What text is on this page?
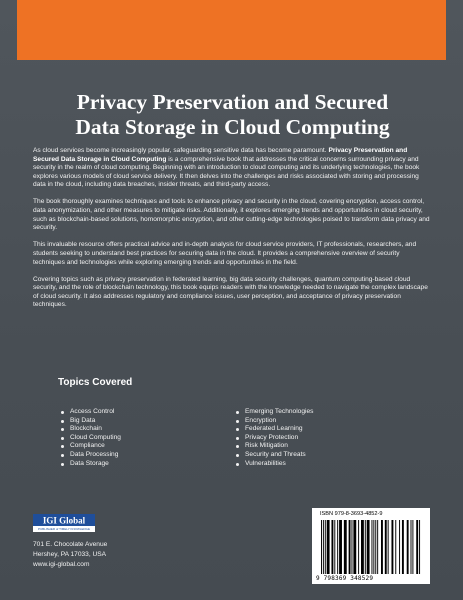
Privacy Preservation and Secured
Data Storage in Cloud Computing

As cloud services become increasingly popular, safeguarding sensitive data has become paramount. Privacy Preservation and Secured Data Storage in Cloud Computing is a comprehensive book that addresses the critical concerns surrounding privacy and security in the realm of cloud computing. Beginning with an introduction to cloud computing and its underlying technologies, the book explores various models of cloud service delivery. It then delves into the challenges and risks associated with storing and processing data in the cloud, including data breaches, insider threats, and third-party access.

The book thoroughly examines techniques and tools to enhance privacy and security in the cloud, covering encryption, access control, data anonymization, and other measures to mitigate risks. Additionally, it explores emerging trends and opportunities in cloud security, such as blockchain-based solutions, homomorphic encryption, and other cutting-edge technologies poised to transform data privacy and security.

This invaluable resource offers practical advice and in-depth analysis for cloud service providers, IT professionals, researchers, and students seeking to understand best practices for securing data in the cloud. It provides a comprehensive overview of security techniques and technologies while exploring emerging trends and opportunities in the field.

Covering topics such as privacy preservation in federated learning, big data security challenges, quantum computing-based cloud security, and the role of blockchain technology, this book equips readers with the knowledge needed to navigate the complex landscape of cloud security. It also addresses regulatory and compliance issues, user perception, and acceptance of privacy preservation techniques.

Topics Covered
Access Control
Big Data
Blockchain
Cloud Computing
Compliance
Data Processing
Data Storage
Emerging Technologies
Encryption
Federated Learning
Privacy Protection
Risk Mitigation
Security and Threats
Vulnerabilities
IGI Global
PUBLISHER of TIMELY KNOWLEDGE
701 E. Chocolate Avenue
Hershey, PA 17033, USA
www.igi-global.com
ISBN 979-8-3693-4852-9
9 798369 348529
